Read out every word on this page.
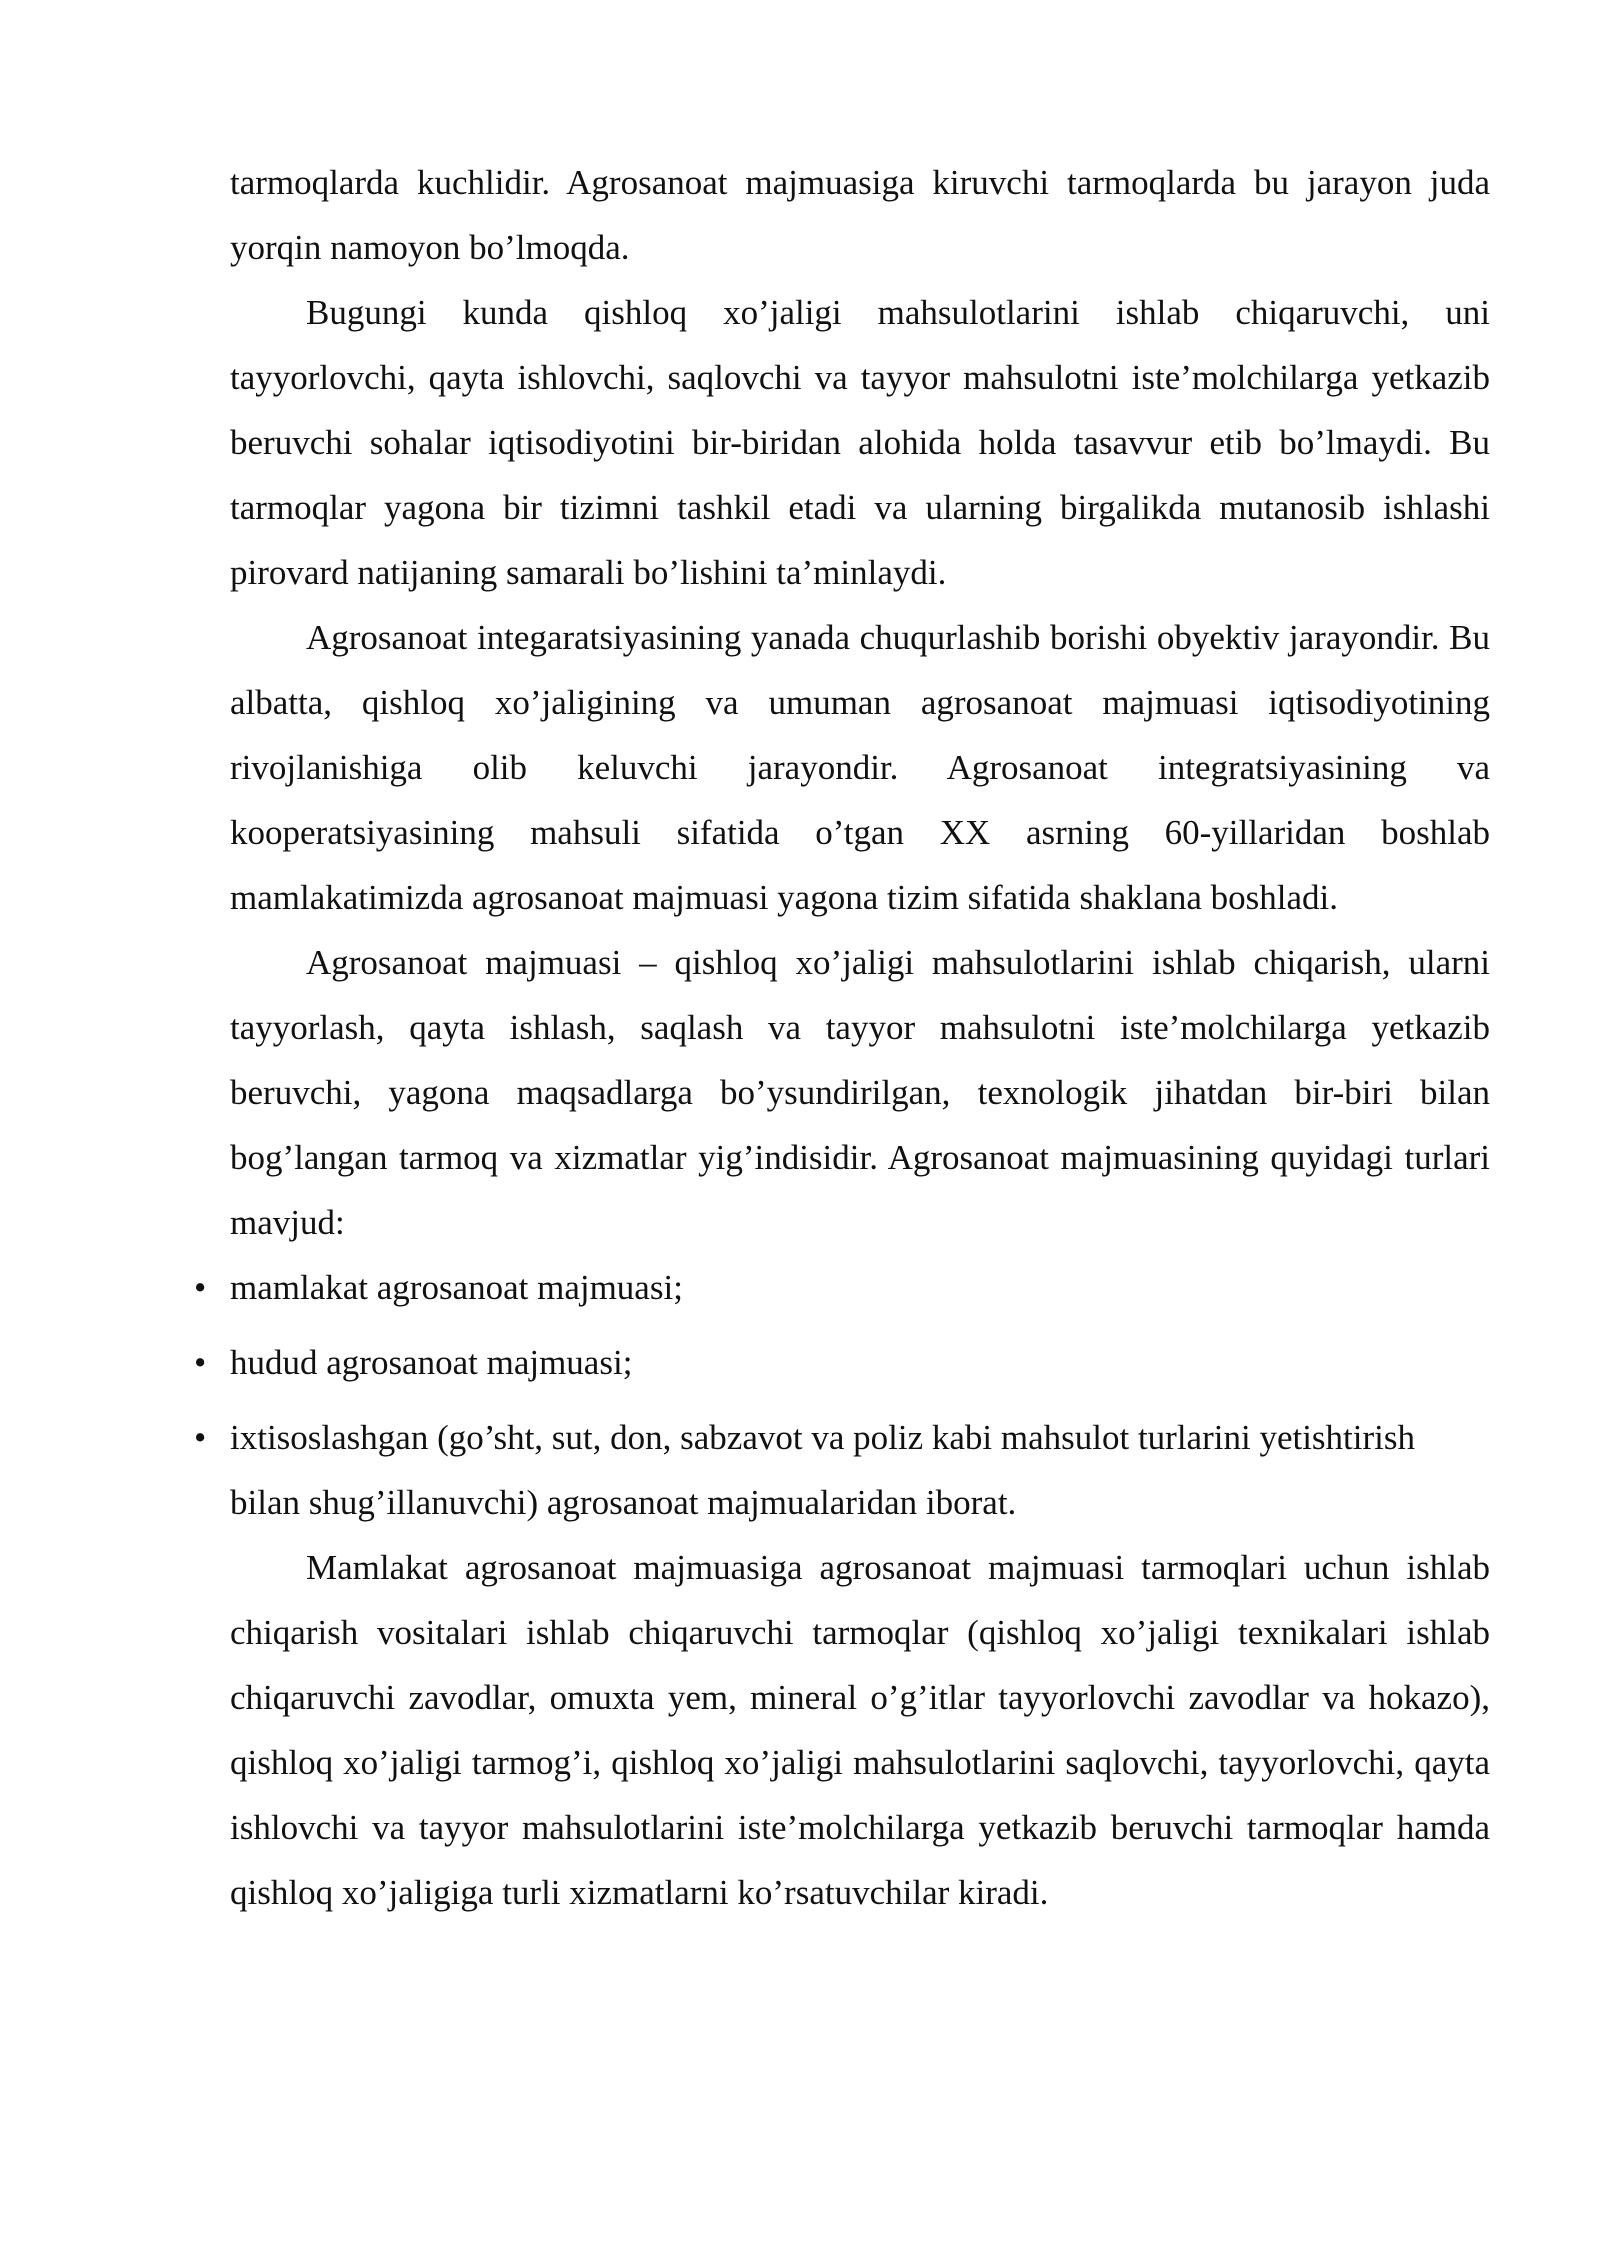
tarmoqlarda kuchlidir. Agrosanoat majmuasiga kiruvchi tarmoqlarda bu jarayon juda yorqin namoyon bo’lmoqda.

Bugungi kunda qishloq xo’jaligi mahsulotlarini ishlab chiqaruvchi, uni tayyorlovchi, qayta ishlovchi, saqlovchi va tayyor mahsulotni iste’molchilarga yetkazib beruvchi sohalar iqtisodiyotini bir-biridan alohida holda tasavvur etib bo’lmaydi. Bu tarmoqlar yagona bir tizimni tashkil etadi va ularning birgalikda mutanosib ishlashi pirovard natijaning samarali bo’lishini ta’minlaydi.

Agrosanoat integaratsiyasining yanada chuqurlashib borishi obyektiv jarayondir. Bu albatta, qishloq xo’jaligining va umuman agrosanoat majmuasi iqtisodiyotining rivojlanishiga olib keluvchi jarayondir. Agrosanoat integratsiyasining va kooperatsiyasining mahsuli sifatida o’tgan XX asrning 60-yillaridan boshlab mamlakatimizda agrosanoat majmuasi yagona tizim sifatida shaklana boshladi.

Agrosanoat majmuasi – qishloq xo’jaligi mahsulotlarini ishlab chiqarish, ularni tayyorlash, qayta ishlash, saqlash va tayyor mahsulotni iste’molchilarga yetkazib beruvchi, yagona maqsadlarga bo’ysundirilgan, texnologik jihatdan bir-biri bilan bog’langan tarmoq va xizmatlar yig’indisidir. Agrosanoat majmuasining quyidagi turlari mavjud:

• mamlakat agrosanoat majmuasi;
• hudud agrosanoat majmuasi;
• ixtisoslashgan (go’sht, sut, don, sabzavot va poliz kabi mahsulot turlarini yetishtirish bilan shug’illanuvchi) agrosanoat majmualaridan iborat.

Mamlakat agrosanoat majmuasiga agrosanoat majmuasi tarmoqlari uchun ishlab chiqarish vositalari ishlab chiqaruvchi tarmoqlar (qishloq xo’jaligi texnikalari ishlab chiqaruvchi zavodlar, omuxta yem, mineral o’g’itlar tayyorlovchi zavodlar va hokazo), qishloq xo’jaligi tarmog’i, qishloq xo’jaligi mahsulotlarini saqlovchi, tayyorlovchi, qayta ishlovchi va tayyor mahsulotlarini iste’molchilarga yetkazib beruvchi tarmoqlar hamda qishloq xo’jaligiga turli xizmatlarni ko’rsatuvchilar kiradi.
